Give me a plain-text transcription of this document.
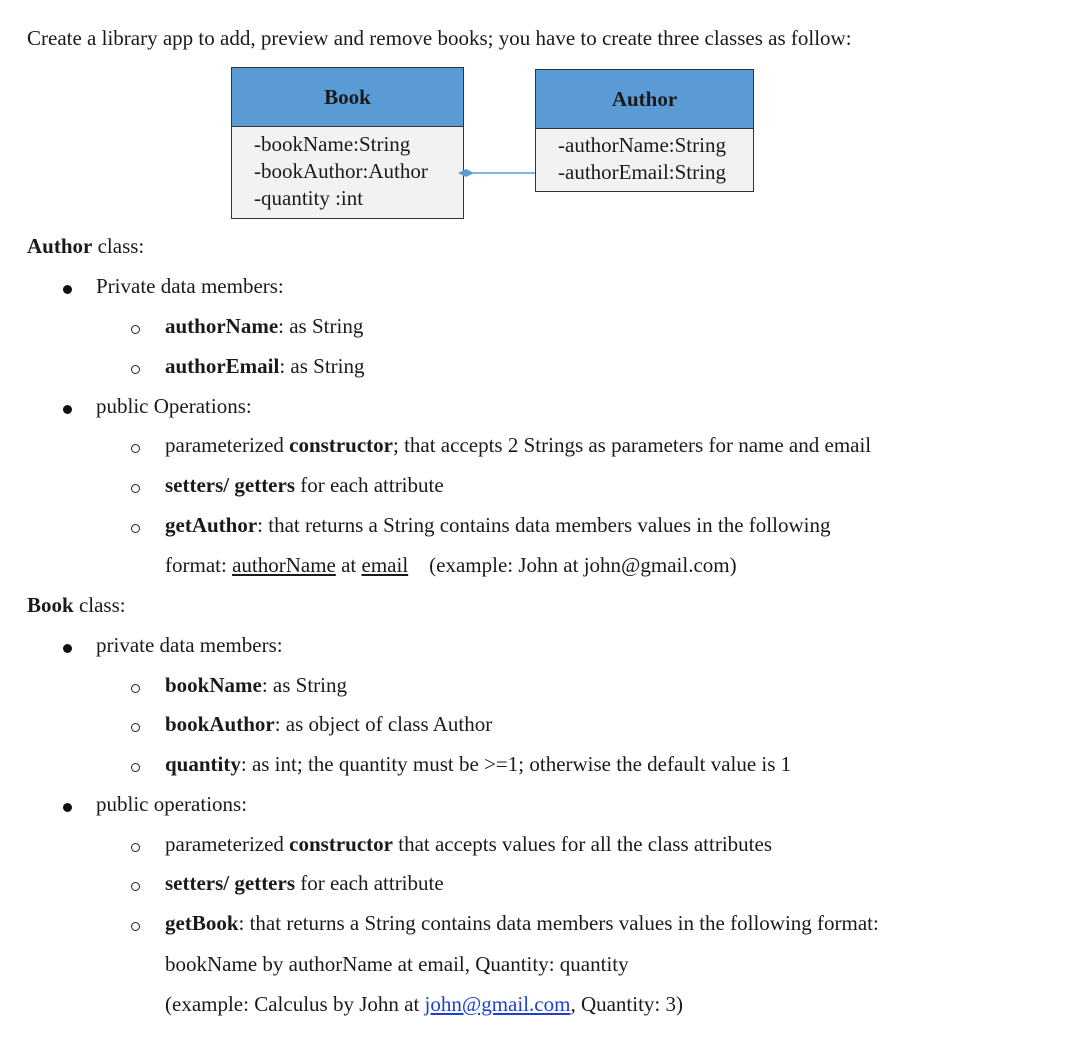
Create a library app to add, preview and remove books; you have to create three classes as follow:
Book
-bookName:String
-bookAuthor:Author
-quantity :int
Author
-authorName:String
-authorEmail:String
Author class:
Private data members:
authorName: as String
authorEmail: as String
public Operations:
parameterized constructor; that accepts 2 Strings as parameters for name and email
setters/ getters for each attribute
getAuthor: that returns a String contains data members values in the following
format: authorName at email    (example: John at john@gmail.com)
Book class:
private data members:
bookName: as String
bookAuthor: as object of class Author
quantity: as int; the quantity must be >=1; otherwise the default value is 1
public operations:
parameterized constructor that accepts values for all the class attributes
setters/ getters for each attribute
getBook: that returns a String contains data members values in the following format:
bookName by authorName at email, Quantity: quantity
(example: Calculus by John at john@gmail.com, Quantity: 3)
